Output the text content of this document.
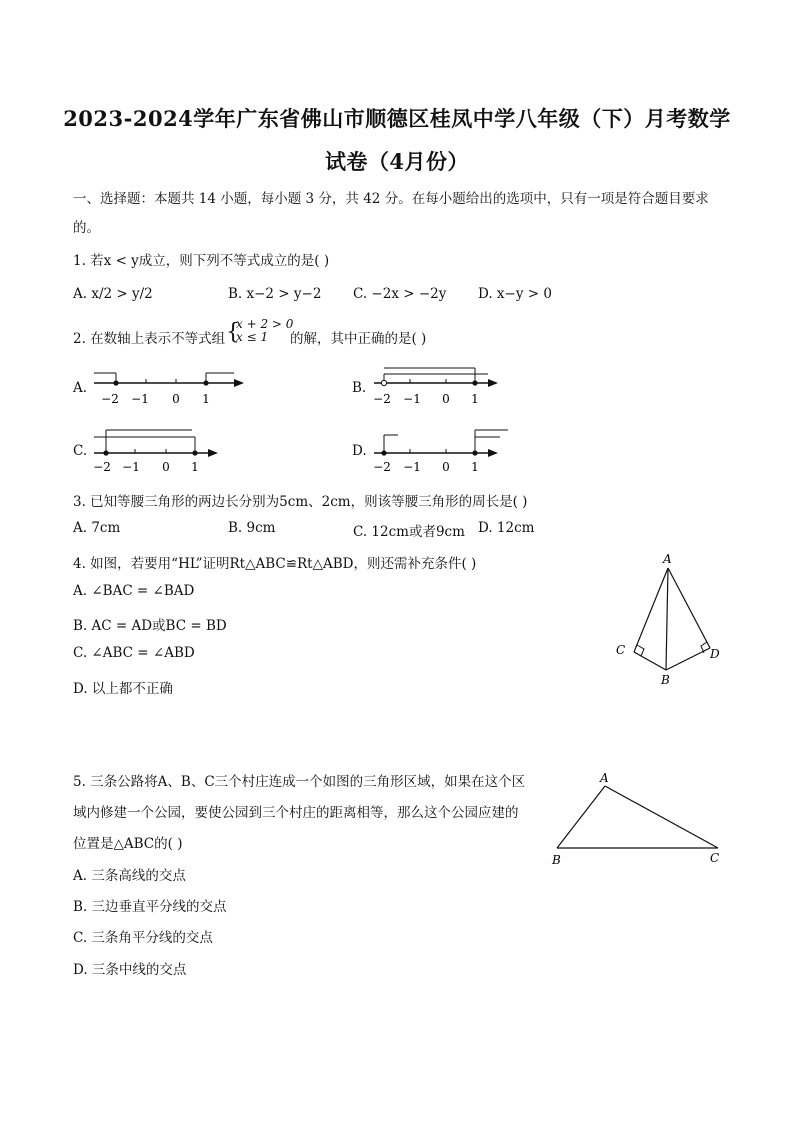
2023-2024学年广东省佛山市顺德区桂凤中学八年级（下）月考数学
试卷（4月份）
一、选择题：本题共 14 小题，每小题 3 分，共 42 分。在每小题给出的选项中，只有一项是符合题目要求
的。
1. 若x < y成立，则下列不等式成立的是( )
A. x/2 > y/2	B. x−2 > y−2 C. −2x > −2y D. x−y > 0
2. 在数轴上表示不等式组 {
x + 2 > 0
x ≤ 1	的解，其中正确的是( )
A.	B.
C.	D.
−2 −1 0 1	−2 −1 0 1
−2 −1 0 1	−2 −1 0 1
3. 已知等腰三角形的两边长分别为5cm、2cm，则该等腰三角形的周长是( )
A. 7cm	B. 9cm	C. 12cm或者9cm D. 12cm
4. 如图，若要用“HL”证明Rt△ABC≌Rt△ABD，则还需补充条件( )
A. ∠BAC = ∠BAD
B. AC = AD或BC = BD
C. ∠ABC = ∠ABD
D. 以上都不正确
A
C	D
B
5. 三条公路将A、B、C三个村庄连成一个如图的三角形区域，如果在这个区
域内修建一个公园，要使公园到三个村庄的距离相等，那么这个公园应建的
位置是△ABC的( )
A. 三条高线的交点
B. 三边垂直平分线的交点
C. 三条角平分线的交点
D. 三条中线的交点
A
B	C
